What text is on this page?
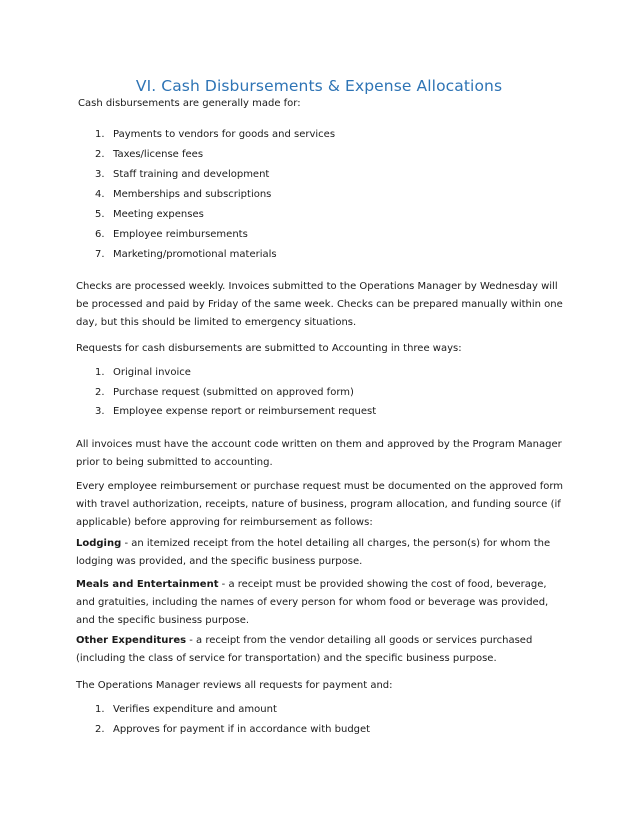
VI. Cash Disbursements & Expense Allocations

Cash disbursements are generally made for:

1. Payments to vendors for goods and services
2. Taxes/license fees
3. Staff training and development
4. Memberships and subscriptions
5. Meeting expenses
6. Employee reimbursements
7. Marketing/promotional materials

Checks are processed weekly. Invoices submitted to the Operations Manager by Wednesday will be processed and paid by Friday of the same week. Checks can be prepared manually within one day, but this should be limited to emergency situations.

Requests for cash disbursements are submitted to Accounting in three ways:

1. Original invoice
2. Purchase request (submitted on approved form)
3. Employee expense report or reimbursement request

All invoices must have the account code written on them and approved by the Program Manager prior to being submitted to accounting.

Every employee reimbursement or purchase request must be documented on the approved form with travel authorization, receipts, nature of business, program allocation, and funding source (if applicable) before approving for reimbursement as follows:

Lodging - an itemized receipt from the hotel detailing all charges, the person(s) for whom the lodging was provided, and the specific business purpose.

Meals and Entertainment - a receipt must be provided showing the cost of food, beverage, and gratuities, including the names of every person for whom food or beverage was provided, and the specific business purpose.

Other Expenditures - a receipt from the vendor detailing all goods or services purchased (including the class of service for transportation) and the specific business purpose.

The Operations Manager reviews all requests for payment and:

1. Verifies expenditure and amount
2. Approves for payment if in accordance with budget
